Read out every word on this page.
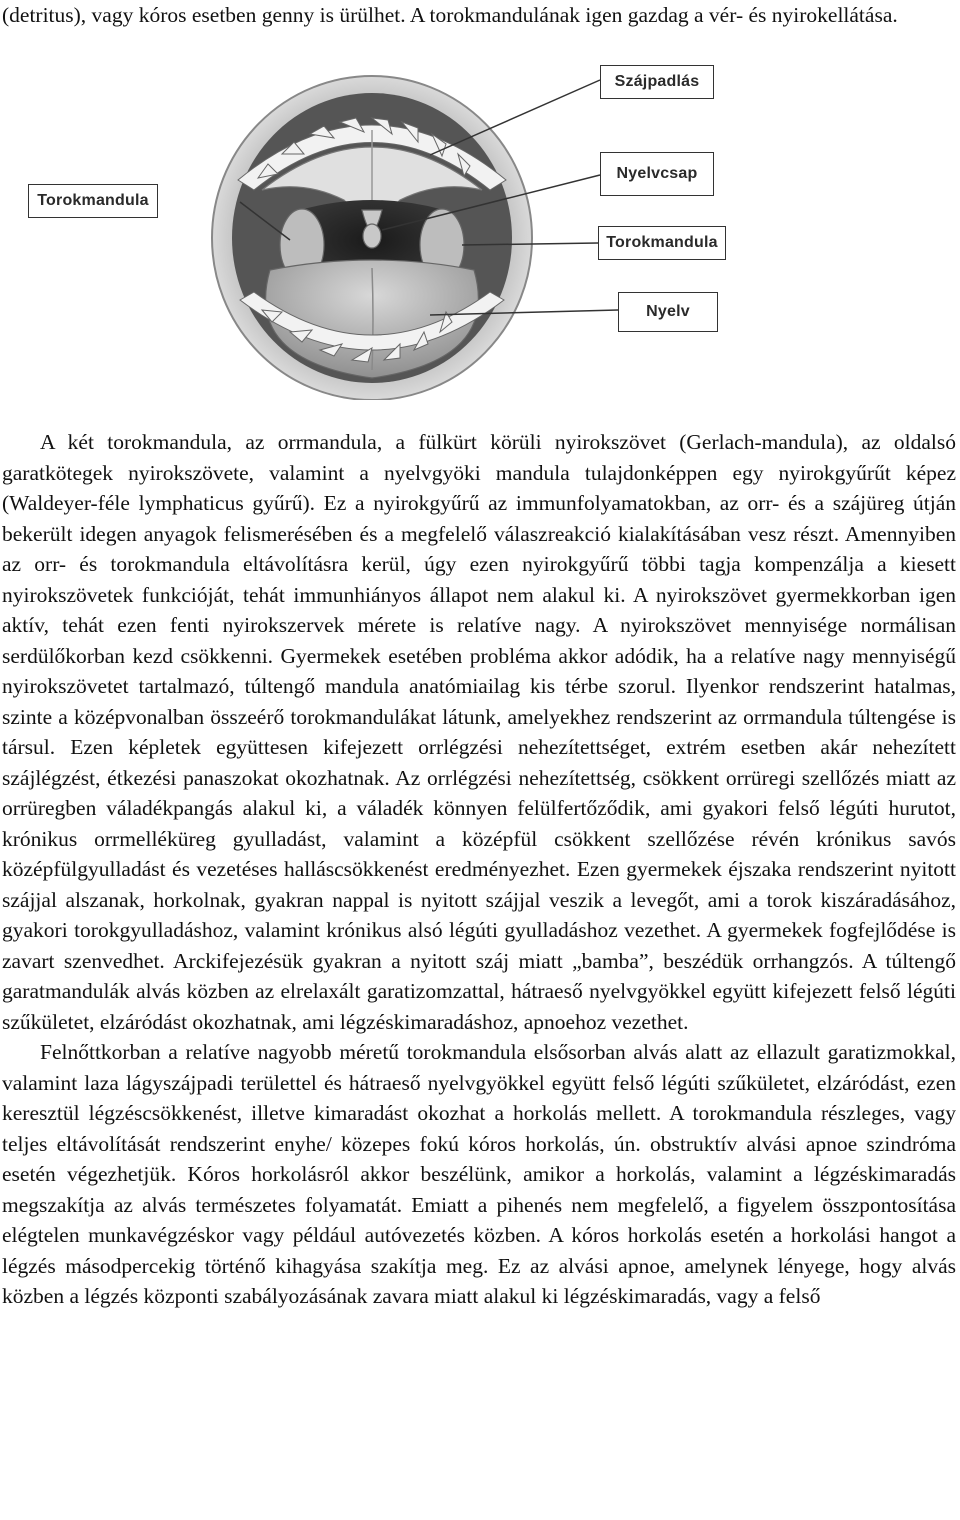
(detritus), vagy kóros esetben genny is ürülhet. A torokmandulának igen gazdag a vér- és nyirokellátása.

Szájpadlás
Nyelvcsap
Torokmandula
Nyelv
Torokmandula

A két torokmandula, az orrmandula, a fülkürt körüli nyirokszövet (Gerlach-mandula), az oldalsó garatkötegek nyirokszövete, valamint a nyelvgyöki mandula tulajdonképpen egy nyirokgyűrűt képez (Waldeyer-féle lymphaticus gyűrű). Ez a nyirokgyűrű az immunfolyamatokban, az orr- és a szájüreg útján bekerült idegen anyagok felismerésében és a megfelelő válaszreakció kialakításában vesz részt. Amennyiben az orr- és torokmandula eltávolításra kerül, úgy ezen nyirokgyűrű többi tagja kompenzálja a kiesett nyirokszövetek funkcióját, tehát immunhiányos állapot nem alakul ki. A nyirokszövet gyermekkorban igen aktív, tehát ezen fenti nyirokszervek mérete is relatíve nagy. A nyirokszövet mennyisége normálisan serdülőkorban kezd csökkenni. Gyermekek esetében probléma akkor adódik, ha a relatíve nagy mennyiségű nyirokszövetet tartalmazó, túltengő mandula anatómiailag kis térbe szorul. Ilyenkor rendszerint hatalmas, szinte a középvonalban összeérő torokmandulákat látunk, amelyekhez rendszerint az orrmandula túltengése is társul. Ezen képletek együttesen kifejezett orrlégzési nehezítettséget, extrém esetben akár nehezített szájlégzést, étkezési panaszokat okozhatnak. Az orrlégzési nehezítettség, csökkent orrüregi szellőzés miatt az orrüregben váladékpangás alakul ki, a váladék könnyen felülfertőződik, ami gyakori felső légúti hurutot, krónikus orrmelléküreg gyulladást, valamint a középfül csökkent szellőzése révén krónikus savós középfülgyulladást és vezetéses halláscsökkenést eredményezhet. Ezen gyermekek éjszaka rendszerint nyitott szájjal alszanak, horkolnak, gyakran nappal is nyitott szájjal veszik a levegőt, ami a torok kiszáradásához, gyakori torokgyulladáshoz, valamint krónikus alsó légúti gyulladáshoz vezethet. A gyermekek fogfejlődése is zavart szenvedhet. Arckifejezésük gyakran a nyitott száj miatt „bamba”, beszédük orrhangzós. A túltengő garatmandulák alvás közben az elrelaxált garatizomzattal, hátraeső nyelvgyökkel együtt kifejezett felső légúti szűkületet, elzáródást okozhatnak, ami légzéskimaradáshoz, apnoehoz vezethet.

Felnőttkorban a relatíve nagyobb méretű torokmandula elsősorban alvás alatt az ellazult garatizmokkal, valamint laza lágyszájpadi területtel és hátraeső nyelvgyökkel együtt felső légúti szűkületet, elzáródást, ezen keresztül légzéscsökkenést, illetve kimaradást okozhat a horkolás mellett. A torokmandula részleges, vagy teljes eltávolítását rendszerint enyhe/ közepes fokú kóros horkolás, ún. obstruktív alvási apnoe szindróma esetén végezhetjük. Kóros horkolásról akkor beszélünk, amikor a horkolás, valamint a légzéskimaradás megszakítja az alvás természetes folyamatát. Emiatt a pihenés nem megfelelő, a figyelem összpontosítása elégtelen munkavégzéskor vagy például autóvezetés közben. A kóros horkolás esetén a horkolási hangot a légzés másodpercekig történő kihagyása szakítja meg. Ez az alvási apnoe, amelynek lényege, hogy alvás közben a légzés központi szabályozásának zavara miatt alakul ki légzéskimaradás, vagy a felső
